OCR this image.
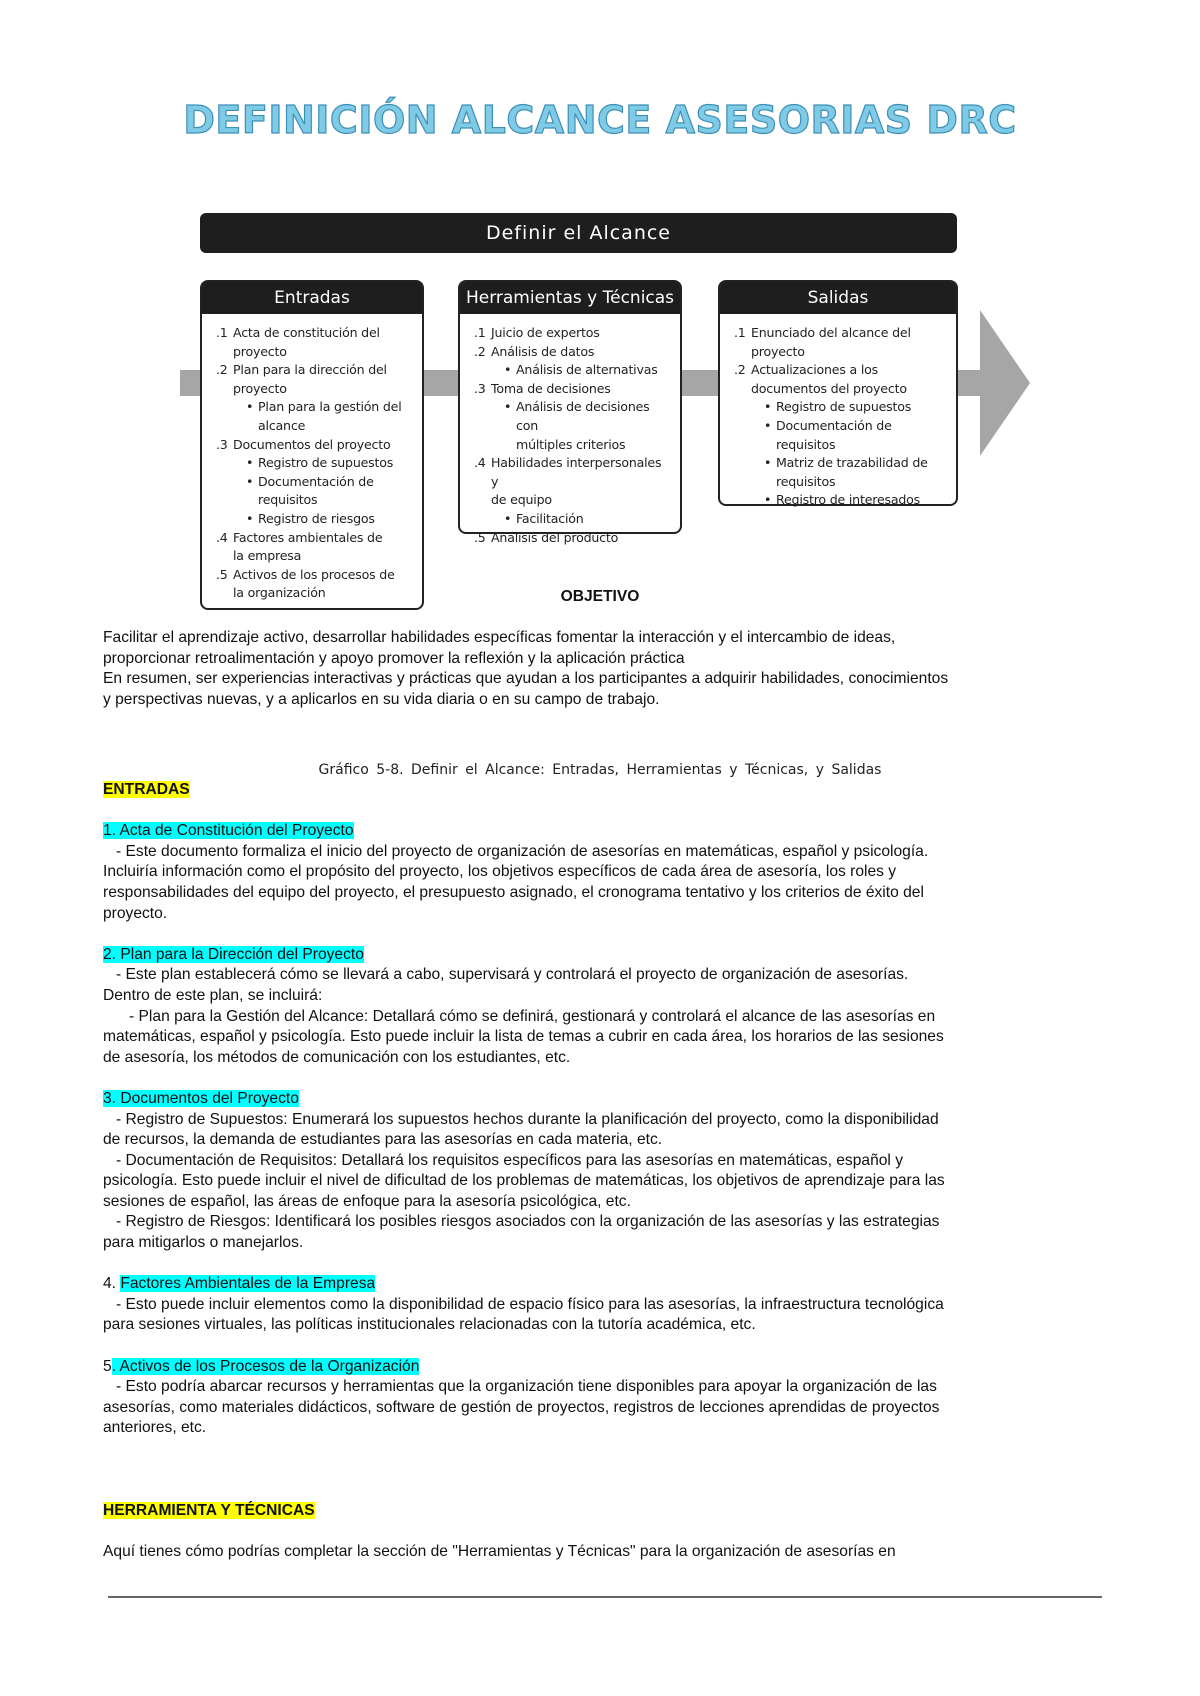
DEFINICIÓN ALCANCE ASESORIAS DRC
Definir el Alcance
Entradas
.1 Acta de constitución del
proyecto
.2 Plan para la dirección del
proyecto
• Plan para la gestión del
alcance
.3 Documentos del proyecto
• Registro de supuestos
• Documentación de requisitos
• Registro de riesgos
.4 Factores ambientales de
la empresa
.5 Activos de los procesos de
la organización
Herramientas y Técnicas
.1 Juicio de expertos
.2 Análisis de datos
• Análisis de alternativas
.3 Toma de decisiones
• Análisis de decisiones con
múltiples criterios
.4 Habilidades interpersonales y
de equipo
• Facilitación
.5 Análisis del producto
Salidas
.1 Enunciado del alcance del
proyecto
.2 Actualizaciones a los
documentos del proyecto
• Registro de supuestos
• Documentación de requisitos
• Matriz de trazabilidad de
requisitos
• Registro de interesados
OBJETIVO
Facilitar el aprendizaje activo, desarrollar habilidades específicas fomentar la interacción y el intercambio de ideas,
proporcionar retroalimentación y apoyo promover la reflexión y la aplicación práctica
En resumen, ser experiencias interactivas y prácticas que ayudan a los participantes a adquirir habilidades, conocimientos
y perspectivas nuevas, y a aplicarlos en su vida diaria o en su campo de trabajo.
Gráfico 5-8. Definir el Alcance: Entradas, Herramientas y Técnicas, y Salidas
ENTRADAS

1. Acta de Constitución del Proyecto
- Este documento formaliza el inicio del proyecto de organización de asesorías en matemáticas, español y psicología.
Incluiría información como el propósito del proyecto, los objetivos específicos de cada área de asesoría, los roles y
responsabilidades del equipo del proyecto, el presupuesto asignado, el cronograma tentativo y los criterios de éxito del
proyecto.

2. Plan para la Dirección del Proyecto
- Este plan establecerá cómo se llevará a cabo, supervisará y controlará el proyecto de organización de asesorías.
Dentro de este plan, se incluirá:
- Plan para la Gestión del Alcance: Detallará cómo se definirá, gestionará y controlará el alcance de las asesorías en
matemáticas, español y psicología. Esto puede incluir la lista de temas a cubrir en cada área, los horarios de las sesiones
de asesoría, los métodos de comunicación con los estudiantes, etc.

3. Documentos del Proyecto
- Registro de Supuestos: Enumerará los supuestos hechos durante la planificación del proyecto, como la disponibilidad
de recursos, la demanda de estudiantes para las asesorías en cada materia, etc.
- Documentación de Requisitos: Detallará los requisitos específicos para las asesorías en matemáticas, español y
psicología. Esto puede incluir el nivel de dificultad de los problemas de matemáticas, los objetivos de aprendizaje para las
sesiones de español, las áreas de enfoque para la asesoría psicológica, etc.
- Registro de Riesgos: Identificará los posibles riesgos asociados con la organización de las asesorías y las estrategias
para mitigarlos o manejarlos.

4. Factores Ambientales de la Empresa
- Esto puede incluir elementos como la disponibilidad de espacio físico para las asesorías, la infraestructura tecnológica
para sesiones virtuales, las políticas institucionales relacionadas con la tutoría académica, etc.

5. Activos de los Procesos de la Organización
- Esto podría abarcar recursos y herramientas que la organización tiene disponibles para apoyar la organización de las
asesorías, como materiales didácticos, software de gestión de proyectos, registros de lecciones aprendidas de proyectos
anteriores, etc.

HERRAMIENTA Y TÉCNICAS

Aquí tienes cómo podrías completar la sección de "Herramientas y Técnicas" para la organización de asesorías en
